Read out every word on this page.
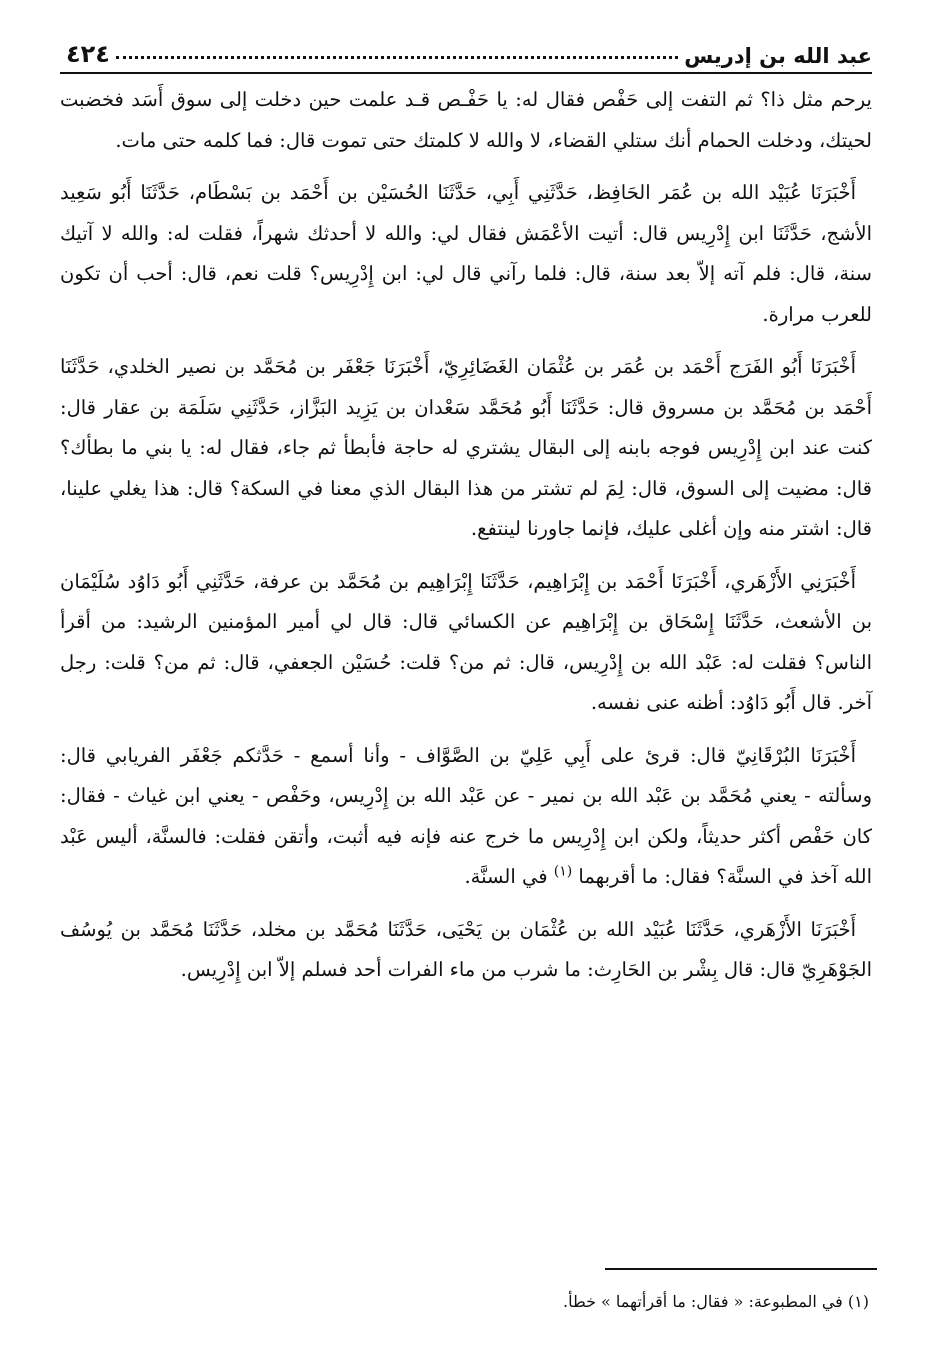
عبد الله بن إدريس
٤٢٤

يرحم مثل ذا؟ ثم التفت إلى حَفْص فقال له: يا حَفْـص قـد علمت حين دخلت إلى سوق أَسَد فخضبت لحيتك، ودخلت الحمام أنك ستلي القضاء، لا والله لا كلمتك حتى تموت قال: فما كلمه حتى مات.

أَخْبَرَنَا عُبَيْد الله بن عُمَر الحَافِظ، حَدَّثَنِي أَبِي، حَدَّثَنَا الحُسَيْن بن أَحْمَد بن بَسْطَام، حَدَّثَنَا أَبُو سَعِيد الأشج، حَدَّثَنَا ابن إِدْرِيس قال: أتيت الأعْمَش فقال لي: والله لا أحدثك شهراً، فقلت له: والله لا آتيك سنة، قال: فلم آته إلاّ بعد سنة، قال: فلما رآني قال لي: ابن إِدْرِيس؟ قلت نعم، قال: أحب أن تكون للعرب مرارة.

أَخْبَرَنَا أَبُو الفَرَج أَحْمَد بن عُمَر بن عُثْمَان الغَضَائِرِيّ، أَخْبَرَنَا جَعْفَر بن مُحَمَّد بن نصير الخلدي، حَدَّثَنَا أَحْمَد بن مُحَمَّد بن مسروق قال: حَدَّثَنَا أَبُو مُحَمَّد سَعْدان بن يَزِيد البَزَّاز، حَدَّثَنِي سَلَمَة بن عقار قال: كنت عند ابن إِدْرِيس فوجه بابنه إلى البقال يشتري له حاجة فأبطأ ثم جاء، فقال له: يا بني ما بطأك؟ قال: مضيت إلى السوق، قال: لِمَ لم تشتر من هذا البقال الذي معنا في السكة؟ قال: هذا يغلي علينا، قال: اشتر منه وإن أغلى عليك، فإنما جاورنا لينتفع.

أَخْبَرَنِي الأَزْهَري، أَخْبَرَنَا أَحْمَد بن إِبْرَاهِيم، حَدَّثَنَا إِبْرَاهِيم بن مُحَمَّد بن عرفة، حَدَّثَنِي أَبُو دَاوُد سُلَيْمَان بن الأشعث، حَدَّثَنَا إِسْحَاق بن إِبْرَاهِيم عن الكسائي قال: قال لي أمير المؤمنين الرشيد: من أقرأ الناس؟ فقلت له: عَبْد الله بن إِدْرِيس، قال: ثم من؟ قلت: حُسَيْن الجعفي، قال: ثم من؟ قلت: رجل آخر. قال أَبُو دَاوُد: أظنه عنى نفسه.

أَخْبَرَنَا البُرْقَانِيّ قال: قرئ على أَبِي عَلِيّ بن الصَّوَّاف - وأنا أسمع - حَدَّثكم جَعْفَر الفريابي قال: وسألته - يعني مُحَمَّد بن عَبْد الله بن نمير - عن عَبْد الله بن إِدْرِيس، وحَفْص - يعني ابن غياث - فقال: كان حَفْص أكثر حديثاً، ولكن ابن إِدْرِيس ما خرج عنه فإنه فيه أثبت، وأتقن فقلت: فالسنَّة، أليس عَبْد الله آخذ في السنَّة؟ فقال: ما أقربهما $^{(١)}$ في السنَّة.

أَخْبَرَنَا الأَزْهَري، حَدَّثَنَا عُبَيْد الله بن عُثْمَان بن يَحْيَى، حَدَّثَنَا مُحَمَّد بن مخلد، حَدَّثَنَا مُحَمَّد بن يُوسُف الجَوْهَرِيّ قال: قال بِشْر بن الحَارِث: ما شرب من ماء الفرات أحد فسلم إلاّ ابن إِدْرِيس.

(١) في المطبوعة: « فقال: ما أقرأتهما » خطأ.
